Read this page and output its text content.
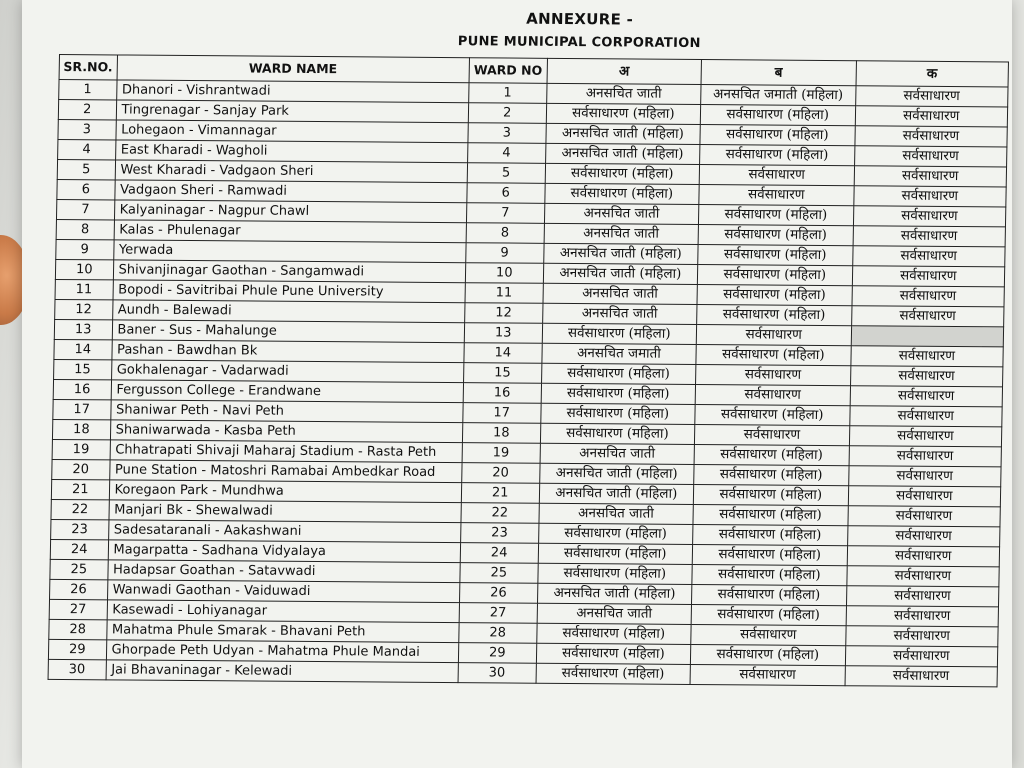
ANNEXURE -
PUNE MUNICIPAL CORPORATION
SR.NO.	WARD NAME	WARD NO	अ	ब	क
1	Dhanori - Vishrantwadi	1	अनसचित जाती	अनसचित जमाती (महिला)	सर्वसाधारण
2	Tingrenagar - Sanjay Park	2	सर्वसाधारण (महिला)	सर्वसाधारण (महिला)	सर्वसाधारण
3	Lohegaon - Vimannagar	3	अनसचित जाती (महिला)	सर्वसाधारण (महिला)	सर्वसाधारण
4	East Kharadi - Wagholi	4	अनसचित जाती (महिला)	सर्वसाधारण (महिला)	सर्वसाधारण
5	West Kharadi - Vadgaon Sheri	5	सर्वसाधारण (महिला)	सर्वसाधारण	सर्वसाधारण
6	Vadgaon Sheri - Ramwadi	6	सर्वसाधारण (महिला)	सर्वसाधारण	सर्वसाधारण
7	Kalyaninagar - Nagpur Chawl	7	अनसचित जाती	सर्वसाधारण (महिला)	सर्वसाधारण
8	Kalas - Phulenagar	8	अनसचित जाती	सर्वसाधारण (महिला)	सर्वसाधारण
9	Yerwada	9	अनसचित जाती (महिला)	सर्वसाधारण (महिला)	सर्वसाधारण
10	Shivanjinagar Gaothan - Sangamwadi	10	अनसचित जाती (महिला)	सर्वसाधारण (महिला)	सर्वसाधारण
11	Bopodi - Savitribai Phule Pune University	11	अनसचित जाती	सर्वसाधारण (महिला)	सर्वसाधारण
12	Aundh - Balewadi	12	अनसचित जाती	सर्वसाधारण (महिला)	सर्वसाधारण
13	Baner - Sus - Mahalunge	13	सर्वसाधारण (महिला)	सर्वसाधारण	
14	Pashan - Bawdhan Bk	14	अनसचित जमाती	सर्वसाधारण (महिला)	सर्वसाधारण
15	Gokhalenagar - Vadarwadi	15	सर्वसाधारण (महिला)	सर्वसाधारण	सर्वसाधारण
16	Fergusson College - Erandwane	16	सर्वसाधारण (महिला)	सर्वसाधारण	सर्वसाधारण
17	Shaniwar Peth - Navi Peth	17	सर्वसाधारण (महिला)	सर्वसाधारण (महिला)	सर्वसाधारण
18	Shaniwarwada - Kasba Peth	18	सर्वसाधारण (महिला)	सर्वसाधारण	सर्वसाधारण
19	Chhatrapati Shivaji Maharaj Stadium - Rasta Peth	19	अनसचित जाती	सर्वसाधारण (महिला)	सर्वसाधारण
20	Pune Station - Matoshri Ramabai Ambedkar Road	20	अनसचित जाती (महिला)	सर्वसाधारण (महिला)	सर्वसाधारण
21	Koregaon Park - Mundhwa	21	अनसचित जाती (महिला)	सर्वसाधारण (महिला)	सर्वसाधारण
22	Manjari Bk - Shewalwadi	22	अनसचित जाती	सर्वसाधारण (महिला)	सर्वसाधारण
23	Sadesataranali - Aakashwani	23	सर्वसाधारण (महिला)	सर्वसाधारण (महिला)	सर्वसाधारण
24	Magarpatta - Sadhana Vidyalaya	24	सर्वसाधारण (महिला)	सर्वसाधारण (महिला)	सर्वसाधारण
25	Hadapsar Goathan - Satavwadi	25	सर्वसाधारण (महिला)	सर्वसाधारण (महिला)	सर्वसाधारण
26	Wanwadi Gaothan - Vaiduwadi	26	अनसचित जाती (महिला)	सर्वसाधारण (महिला)	सर्वसाधारण
27	Kasewadi - Lohiyanagar	27	अनसचित जाती	सर्वसाधारण (महिला)	सर्वसाधारण
28	Mahatma Phule Smarak - Bhavani Peth	28	सर्वसाधारण (महिला)	सर्वसाधारण	सर्वसाधारण
29	Ghorpade Peth Udyan - Mahatma Phule Mandai	29	सर्वसाधारण (महिला)	सर्वसाधारण (महिला)	सर्वसाधारण
30	Jai Bhavaninagar - Kelewadi	30	सर्वसाधारण (महिला)	सर्वसाधारण	सर्वसाधारण
